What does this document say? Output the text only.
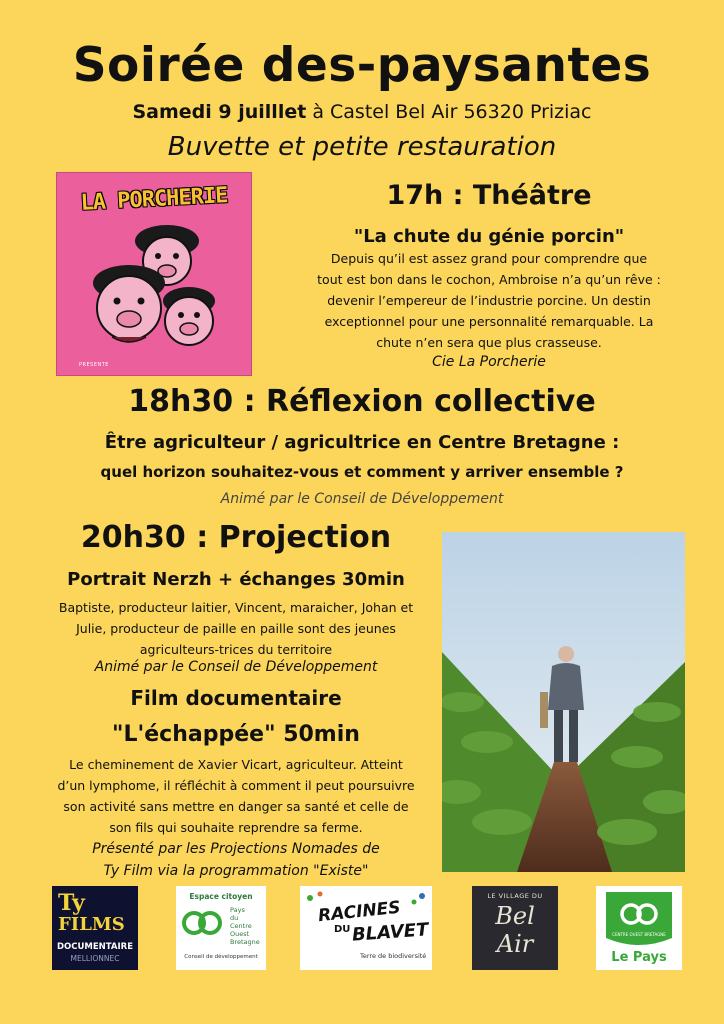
Soirée des-paysantes
Samedi 9 juilllet à Castel Bel Air 56320 Priziac
Buvette et petite restauration
LA PORCHERIE
PRESENTE
17h : Théâtre
"La chute du génie porcin"
Depuis qu’il est assez grand pour comprendre que
tout est bon dans le cochon, Ambroise n’a qu’un rêve :
devenir l’empereur de l’industrie porcine. Un destin
exceptionnel pour une personnalité remarquable. La
chute n’en sera que plus crasseuse.
Cie La Porcherie
18h30 : Réflexion collective
Être agriculteur / agricultrice en Centre Bretagne :
quel horizon souhaitez-vous et comment y arriver ensemble ?
Animé par le Conseil de Développement
20h30 : Projection
Portrait Nerzh + échanges 30min
Baptiste, producteur laitier, Vincent, maraicher, Johan et
Julie, producteur de paille en paille sont des jeunes
agriculteurs-trices du territoire
Animé par le Conseil de Développement
Film documentaire
"L'échappée" 50min
Le cheminement de Xavier Vicart, agriculteur. Atteint
d’un lymphome, il réfléchit à comment il peut poursuivre
son activité sans mettre en danger sa santé et celle de
son fils qui souhaite reprendre sa ferme.
Présenté par les Projections Nomades de
Ty Film via la programmation "Existe"
Ty
FILMS
DOCUMENTAIRE
MELLIONNEC
Espace citoyen
Pays
du
Centre
Ouest
Bretagne
Conseil de développement
RACINES
DU BLAVET
Terre de biodiversité
LE VILLAGE DU
Bel
Air	CENTRE OUEST BRETAGNE
Le Pays
